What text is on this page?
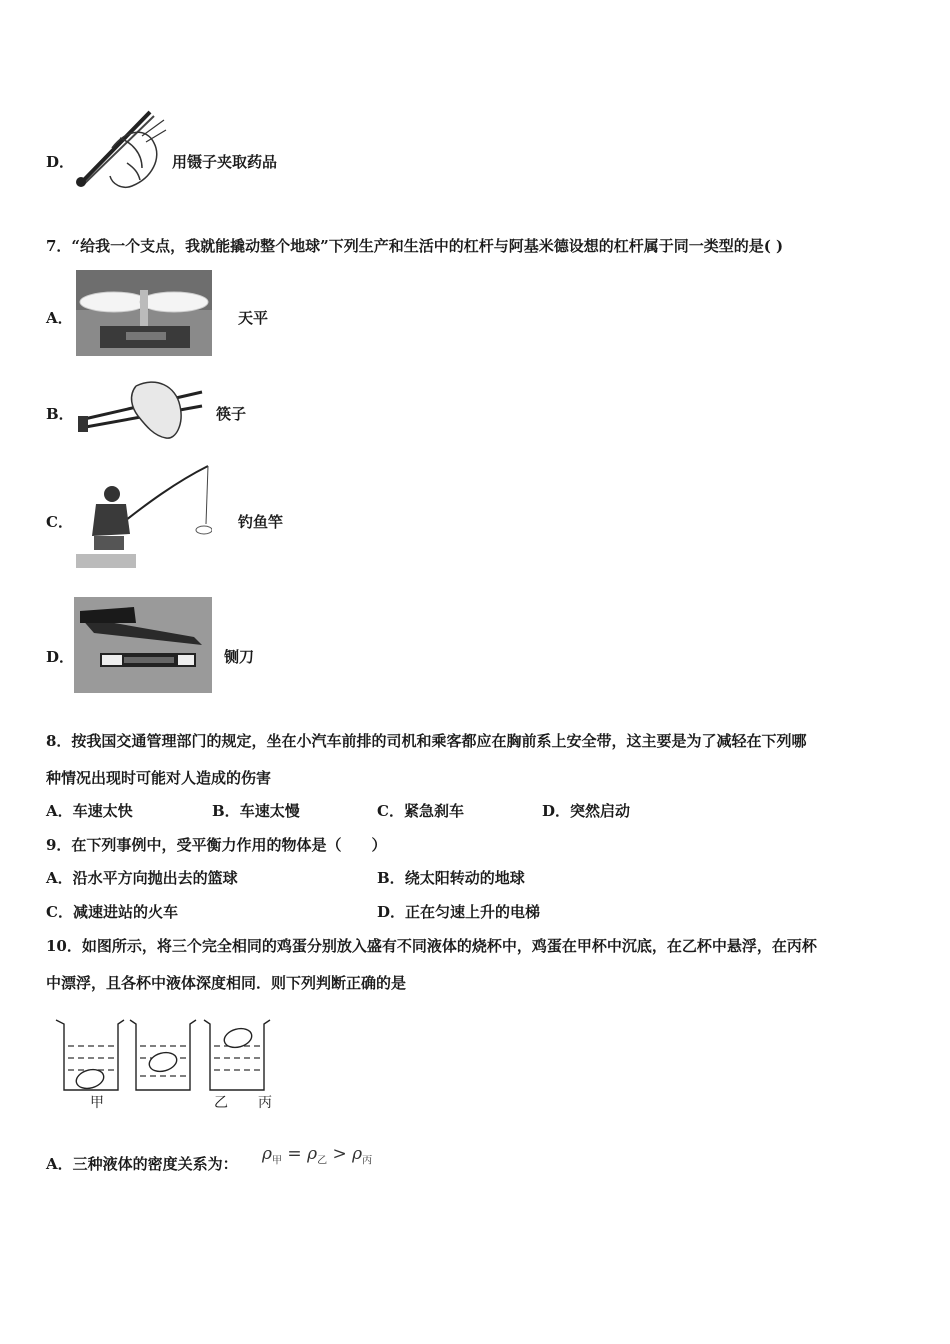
D．	用镊子夹取药品
7．“给我一个支点，我就能撬动整个地球”下列生产和生活中的杠杆与阿基米德设想的杠杆属于同一类型的是( )
A．	天平
B．	筷子
C．	钓鱼竿
D．	铡刀
8．按我国交通管理部门的规定，坐在小汽车前排的司机和乘客都应在胸前系上安全带，这主要是为了减轻在下列哪
种情况出现时可能对人造成的伤害
A．车速太快	B．车速太慢	C．紧急刹车	D．突然启动
9．在下列事例中，受平衡力作用的物体是（　　）
A．沿水平方向抛出去的篮球	B．绕太阳转动的地球
C．减速进站的火车	D．正在匀速上升的电梯
10．如图所示，将三个完全相同的鸡蛋分别放入盛有不同液体的烧杯中，鸡蛋在甲杯中沉底，在乙杯中悬浮，在丙杯
中漂浮，且各杯中液体深度相同．则下列判断正确的是
甲	乙 丙
A．三种液体的密度关系为： $\rho_甲 = \rho_乙 > \rho_丙$
